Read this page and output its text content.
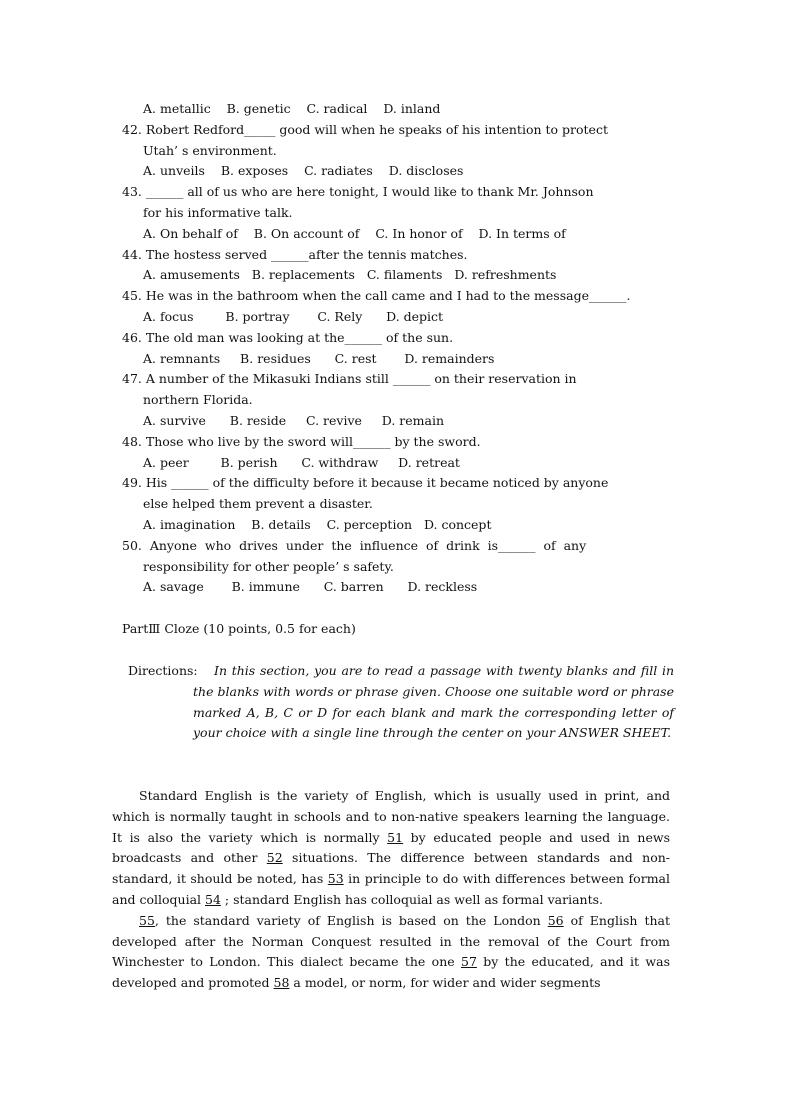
A. metallic    B. genetic    C. radical    D. inland
42. Robert Redford_____ good will when he speaks of his intention to protect
Utah’ s environment.
A. unveils    B. exposes    C. radiates    D. discloses
43. ______ all of us who are here tonight, I would like to thank Mr. Johnson
for his informative talk.
A. On behalf of    B. On account of    C. In honor of    D. In terms of
44. The hostess served ______after the tennis matches.
A. amusements   B. replacements   C. filaments   D. refreshments
45. He was in the bathroom when the call came and I had to the message______.
A. focus        B. portray       C. Rely      D. depict
46. The old man was looking at the______ of the sun.
A. remnants     B. residues      C. rest       D. remainders
47. A number of the Mikasuki Indians still ______ on their reservation in
northern Florida.
A. survive      B. reside     C. revive     D. remain
48. Those who live by the sword will______ by the sword.
A. peer        B. perish      C. withdraw     D. retreat
49. His ______ of the difficulty before it because it became noticed by anyone
else helped them prevent a disaster.
A. imagination    B. details    C. perception   D. concept
50.  Anyone  who  drives  under  the  influence  of  drink  is______  of  any
responsibility for other people’ s safety.
A. savage       B. immune      C. barren      D. reckless
PartⅢ Cloze (10 points, 0.5 for each)
Directions:	In this section, you are to read a passage with twenty blanks and fill in the blanks with words or phrase given. Choose one suitable word or phrase marked A, B, C or D for each blank and mark the corresponding letter of your choice with a single line through the center on your ANSWER SHEET.

Standard English is the variety of English, which is usually used in print, and which is normally taught in schools and to non-native speakers learning the language. It is also the variety which is normally 51 by educated people and used in news broadcasts and other 52 situations. The difference between standards and non-standard, it should be noted, has 53 in principle to do with differences between formal and colloquial 54 ; standard English has colloquial as well as formal variants.

55, the standard variety of English is based on the London 56 of English that developed after the Norman Conquest resulted in the removal of the Court from Winchester to London. This dialect became the one 57 by the educated, and it was developed and promoted 58 a model, or norm, for wider and wider segments
